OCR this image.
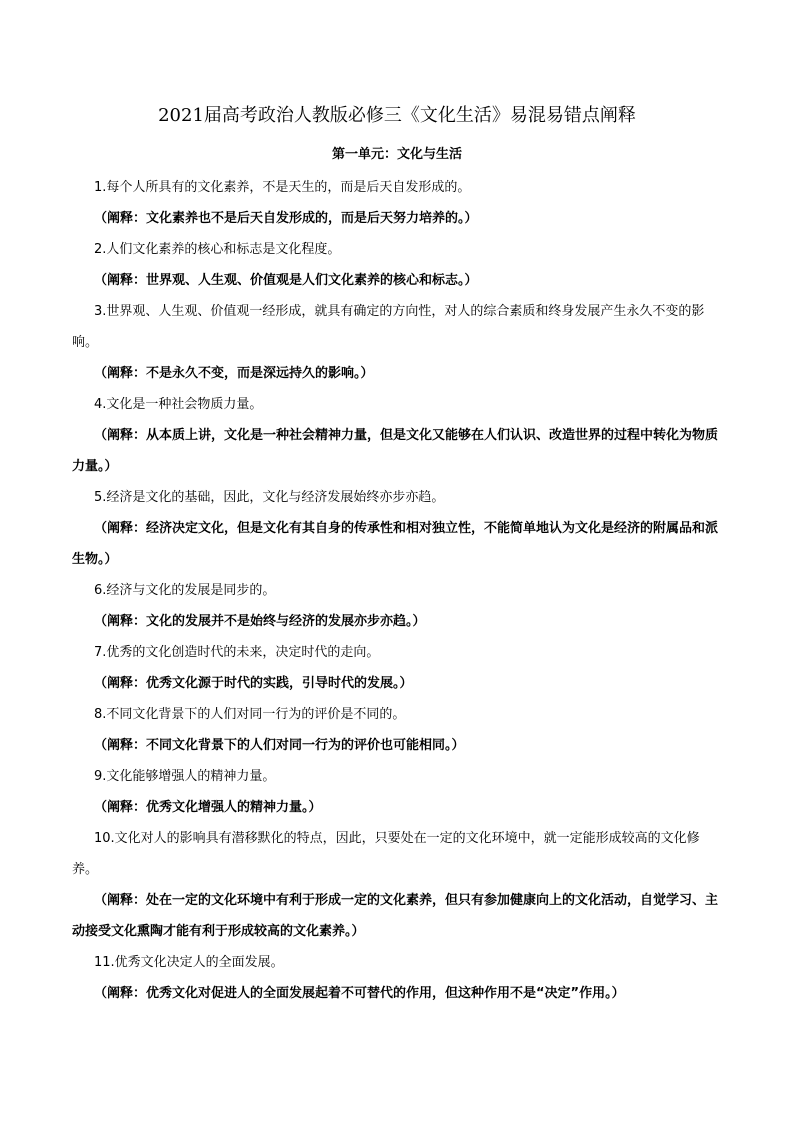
2021届高考政治人教版必修三《文化生活》易混易错点阐释
第一单元：文化与生活

1.每个人所具有的文化素养，不是天生的，而是后天自发形成的。

（阐释：文化素养也不是后天自发形成的，而是后天努力培养的。）

2.人们文化素养的核心和标志是文化程度。

（阐释：世界观、人生观、价值观是人们文化素养的核心和标志。）

3.世界观、人生观、价值观一经形成，就具有确定的方向性，对人的综合素质和终身发展产生永久不变的影响。

（阐释：不是永久不变，而是深远持久的影响。）

4.文化是一种社会物质力量。

（阐释：从本质上讲，文化是一种社会精神力量，但是文化又能够在人们认识、改造世界的过程中转化为物质力量。）

5.经济是文化的基础，因此，文化与经济发展始终亦步亦趋。

（阐释：经济决定文化，但是文化有其自身的传承性和相对独立性，不能简单地认为文化是经济的附属品和派生物。）

6.经济与文化的发展是同步的。

（阐释：文化的发展并不是始终与经济的发展亦步亦趋。）

7.优秀的文化创造时代的未来，决定时代的走向。

（阐释：优秀文化源于时代的实践，引导时代的发展。）

8.不同文化背景下的人们对同一行为的评价是不同的。

（阐释：不同文化背景下的人们对同一行为的评价也可能相同。）

9.文化能够增强人的精神力量。

（阐释：优秀文化增强人的精神力量。）

10.文化对人的影响具有潜移默化的特点，因此，只要处在一定的文化环境中，就一定能形成较高的文化修养。

（阐释：处在一定的文化环境中有利于形成一定的文化素养，但只有参加健康向上的文化活动，自觉学习、主动接受文化熏陶才能有利于形成较高的文化素养。）

11.优秀文化决定人的全面发展。

（阐释：优秀文化对促进人的全面发展起着不可替代的作用，但这种作用不是“决定”作用。）
